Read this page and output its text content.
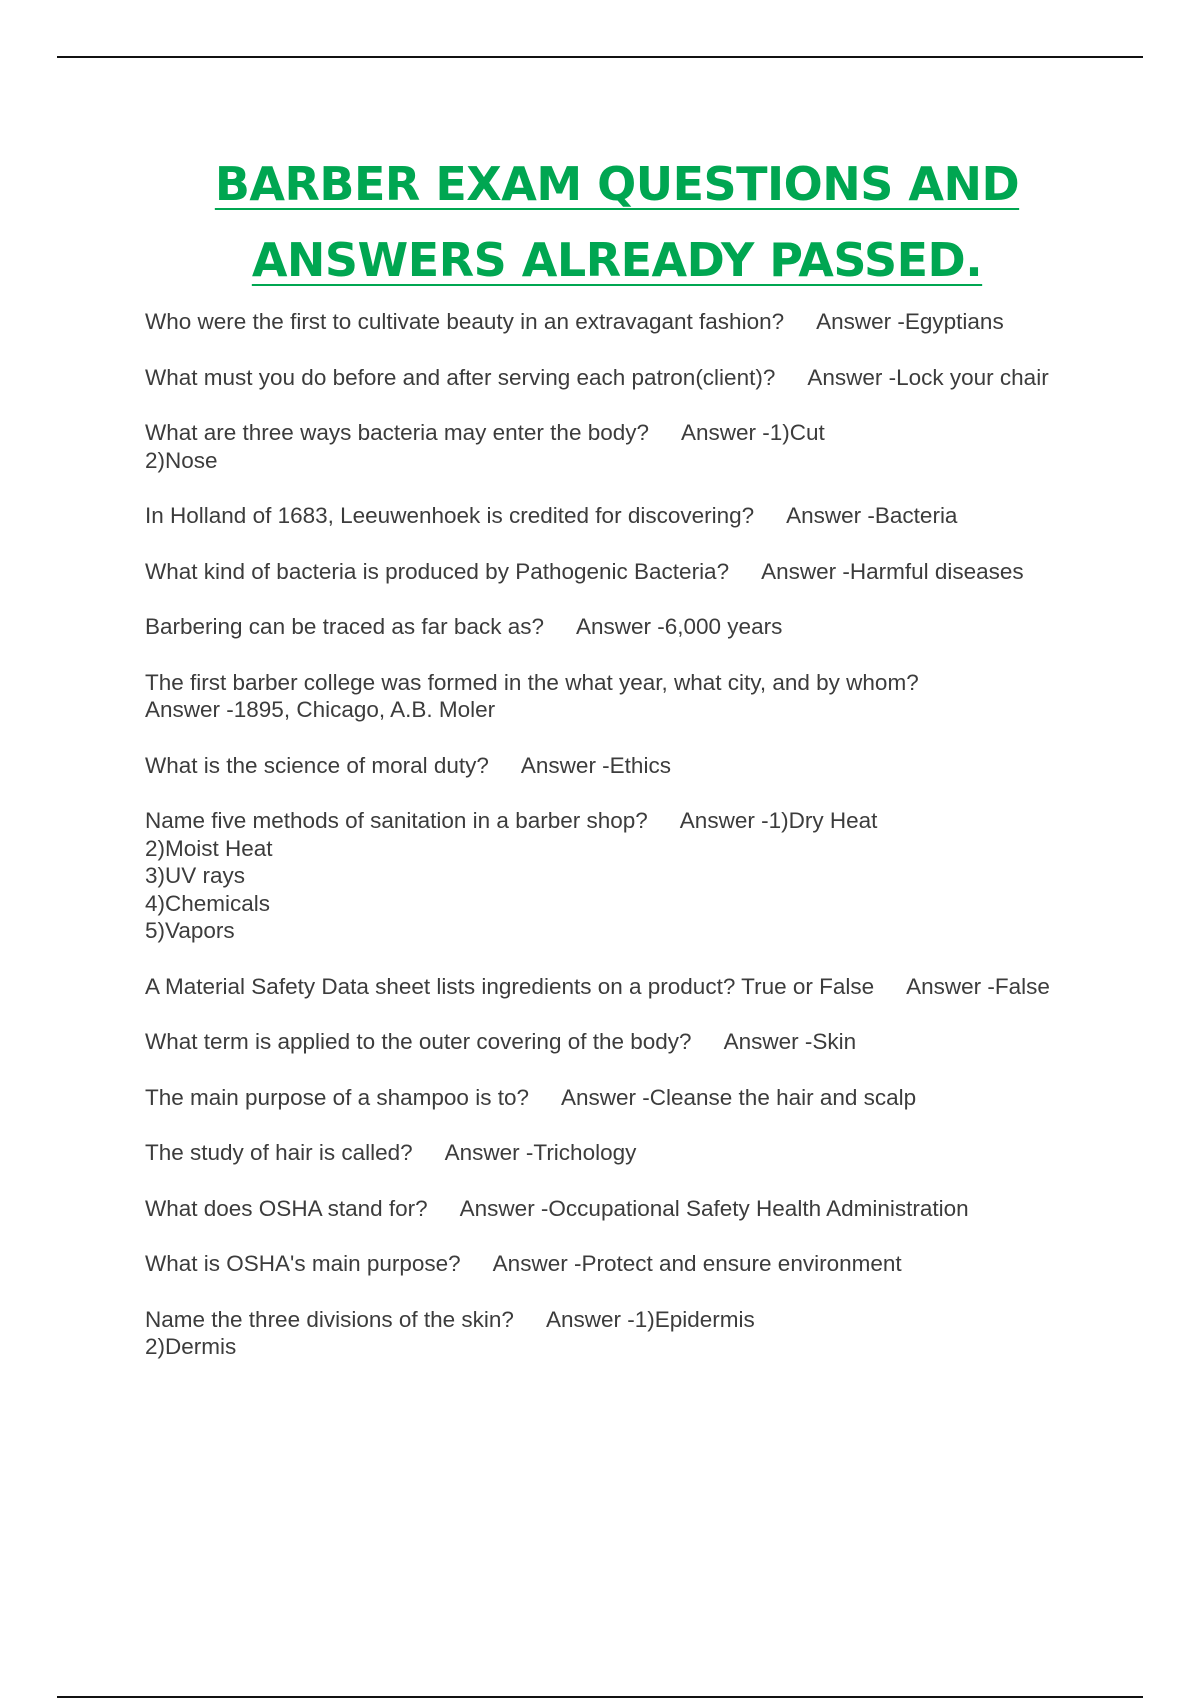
BARBER EXAM QUESTIONS AND
ANSWERS ALREADY PASSED.

Who were the first to cultivate beauty in an extravagant fashion? Answer -Egyptians

What must you do before and after serving each patron(client)? Answer -Lock your chair

What are three ways bacteria may enter the body? Answer -1)Cut
2)Nose

In Holland of 1683, Leeuwenhoek is credited for discovering? Answer -Bacteria

What kind of bacteria is produced by Pathogenic Bacteria? Answer -Harmful diseases

Barbering can be traced as far back as? Answer -6,000 years

The first barber college was formed in the what year, what city, and by whom?
Answer -1895, Chicago, A.B. Moler

What is the science of moral duty? Answer -Ethics

Name five methods of sanitation in a barber shop? Answer -1)Dry Heat
2)Moist Heat
3)UV rays
4)Chemicals
5)Vapors

A Material Safety Data sheet lists ingredients on a product? True or False Answer -False

What term is applied to the outer covering of the body? Answer -Skin

The main purpose of a shampoo is to? Answer -Cleanse the hair and scalp

The study of hair is called? Answer -Trichology

What does OSHA stand for? Answer -Occupational Safety Health Administration

What is OSHA's main purpose? Answer -Protect and ensure environment

Name the three divisions of the skin? Answer -1)Epidermis
2)Dermis
